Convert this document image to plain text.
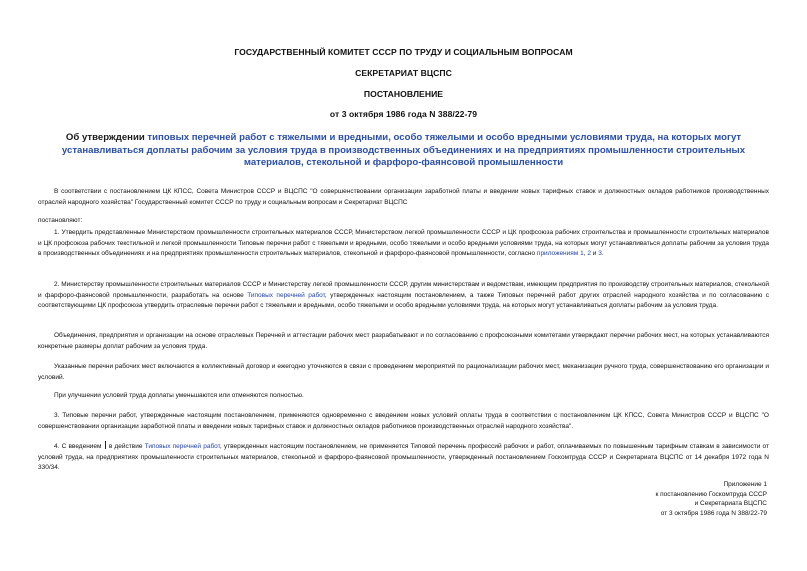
ГОСУДАРСТВЕННЫЙ КОМИТЕТ СССР ПО ТРУДУ И СОЦИАЛЬНЫМ ВОПРОСАМ
СЕКРЕТАРИАТ ВЦСПС
ПОСТАНОВЛЕНИЕ
от 3 октября 1986 года N 388/22-79
Об утверждении типовых перечней работ с тяжелыми и вредными, особо тяжелыми и особо вредными условиями труда, на которых могут устанавливаться доплаты рабочим за условия труда в производственных объединениях и на предприятиях промышленности строительных материалов, стекольной и фарфоро-фаянсовой промышленности

В соответствии с постановлением ЦК КПСС, Совета Министров СССР и ВЦСПС "О совершенствовании организации заработной платы и введении новых тарифных ставок и должностных окладов работников производственных отраслей народного хозяйства" Государственный комитет СССР по труду и социальным вопросам и Секретариат ВЦСПС

постановляют:

1. Утвердить представленные Министерством промышленности строительных материалов СССР, Министерством легкой промышленности СССР и ЦК профсоюза рабочих строительства и промышленности строительных материалов и ЦК профсоюза рабочих текстильной и легкой промышленности Типовые перечни работ с тяжелыми и вредными, особо тяжелыми и особо вредными условиями труда, на которых могут устанавливаться доплаты рабочим за условия труда в производственных объединениях и на предприятиях промышленности строительных материалов, стекольной и фарфоро-фаянсовой промышленности, согласно приложениям 1, 2 и 3.

2. Министерству промышленности строительных материалов СССР и Министерству легкой промышленности СССР, другим министерствам и ведомствам, имеющим предприятия по производству строительных материалов, стекольной и фарфоро-фаянсовой промышленности, разработать на основе Типовых перечней работ, утвержденных настоящим постановлением, а также Типовых перечней работ других отраслей народного хозяйства и по согласованию с соответствующими ЦК профсоюза утвердить отраслевые перечни работ с тяжелыми и вредными, особо тяжелыми и особо вредными условиями труда, на которых могут устанавливаться доплаты рабочим за условия труда.

Объединения, предприятия и организации на основе отраслевых Перечней и аттестации рабочих мест разрабатывают и по согласованию с профсоюзными комитетами утверждают перечни рабочих мест, на которых устанавливаются конкретные размеры доплат рабочим за условия труда.

Указанные перечни рабочих мест включаются в коллективный договор и ежегодно уточняются в связи с проведением мероприятий по рационализации рабочих мест, механизации ручного труда, совершенствованию его организации и условий.

При улучшении условий труда доплаты уменьшаются или отменяются полностью.

3. Типовые перечни работ, утвержденные настоящим постановлением, применяются одновременно с введением новых условий оплаты труда в соответствии с постановлением ЦК КПСС, Совета Министров СССР и ВЦСПС "О совершенствовании организации заработной платы и введении новых тарифных ставок и должностных окладов работников производственных отраслей народного хозяйства".

4. С введением  в действие Типовых перечней работ, утвержденных настоящим постановлением, не применяется Типовой перечень профессий рабочих и работ, оплачиваемых по повышенным тарифным ставкам в зависимости от условий труда, на предприятиях промышленности строительных материалов, стекольной и фарфоро-фаянсовой промышленности, утвержденный постановлением Госкомтруда СССР и Секретариата ВЦСПС от 14 декабря 1972 года N 330/34.

Приложение 1
к постановлению Госкомтруда СССР
и Секретариата ВЦСПС
от 3 октября 1986 года N 388/22-79
